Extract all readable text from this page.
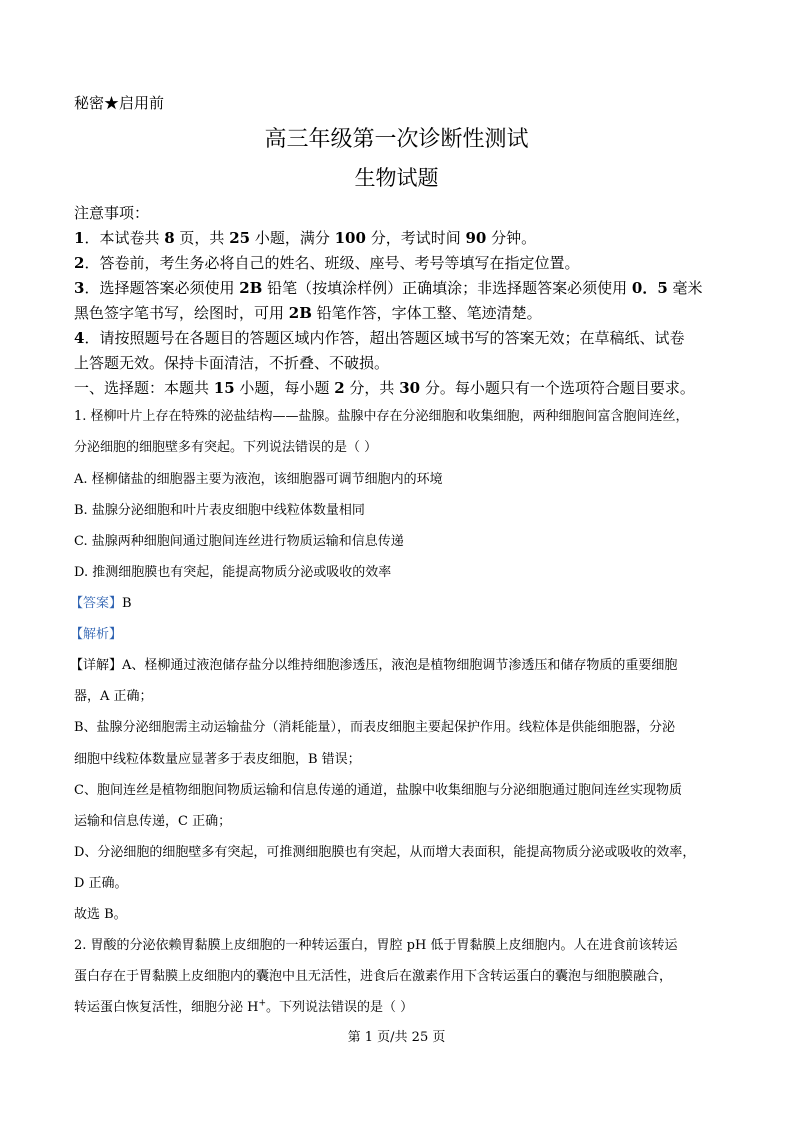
秘密★启用前
高三年级第一次诊断性测试
生物试题
注意事项：
1．本试卷共 8 页，共 25 小题，满分 100 分，考试时间 90 分钟。
2．答卷前，考生务必将自己的姓名、班级、座号、考号等填写在指定位置。
3．选择题答案必须使用 2B 铅笔（按填涂样例）正确填涂；非选择题答案必须使用 0．5 毫米
黑色签字笔书写，绘图时，可用 2B 铅笔作答，字体工整、笔迹清楚。
4．请按照题号在各题目的答题区域内作答，超出答题区域书写的答案无效；在草稿纸、试卷
上答题无效。保持卡面清洁，不折叠、不破损。
一、选择题：本题共 15 小题，每小题 2 分，共 30 分。每小题只有一个选项符合题目要求。
1. 柽柳叶片上存在特殊的泌盐结构——盐腺。盐腺中存在分泌细胞和收集细胞，两种细胞间富含胞间连丝，
分泌细胞的细胞壁多有突起。下列说法错误的是（ ）
A. 柽柳储盐的细胞器主要为液泡，该细胞器可调节细胞内的环境
B. 盐腺分泌细胞和叶片表皮细胞中线粒体数量相同
C. 盐腺两种细胞间通过胞间连丝进行物质运输和信息传递
D. 推测细胞膜也有突起，能提高物质分泌或吸收的效率
【答案】B
【解析】
【详解】A、柽柳通过液泡储存盐分以维持细胞渗透压，液泡是植物细胞调节渗透压和储存物质的重要细胞
器，A 正确；
B、盐腺分泌细胞需主动运输盐分（消耗能量），而表皮细胞主要起保护作用。线粒体是供能细胞器，分泌
细胞中线粒体数量应显著多于表皮细胞，B 错误；
C、胞间连丝是植物细胞间物质运输和信息传递的通道，盐腺中收集细胞与分泌细胞通过胞间连丝实现物质
运输和信息传递，C 正确；
D、分泌细胞的细胞壁多有突起，可推测细胞膜也有突起，从而增大表面积，能提高物质分泌或吸收的效率，
D 正确。
故选 B。
2. 胃酸的分泌依赖胃黏膜上皮细胞的一种转运蛋白，胃腔 pH 低于胃黏膜上皮细胞内。人在进食前该转运
蛋白存在于胃黏膜上皮细胞内的囊泡中且无活性，进食后在激素作用下含转运蛋白的囊泡与细胞膜融合，
转运蛋白恢复活性，细胞分泌 H+。下列说法错误的是（ ）
第 1 页/共 25 页
